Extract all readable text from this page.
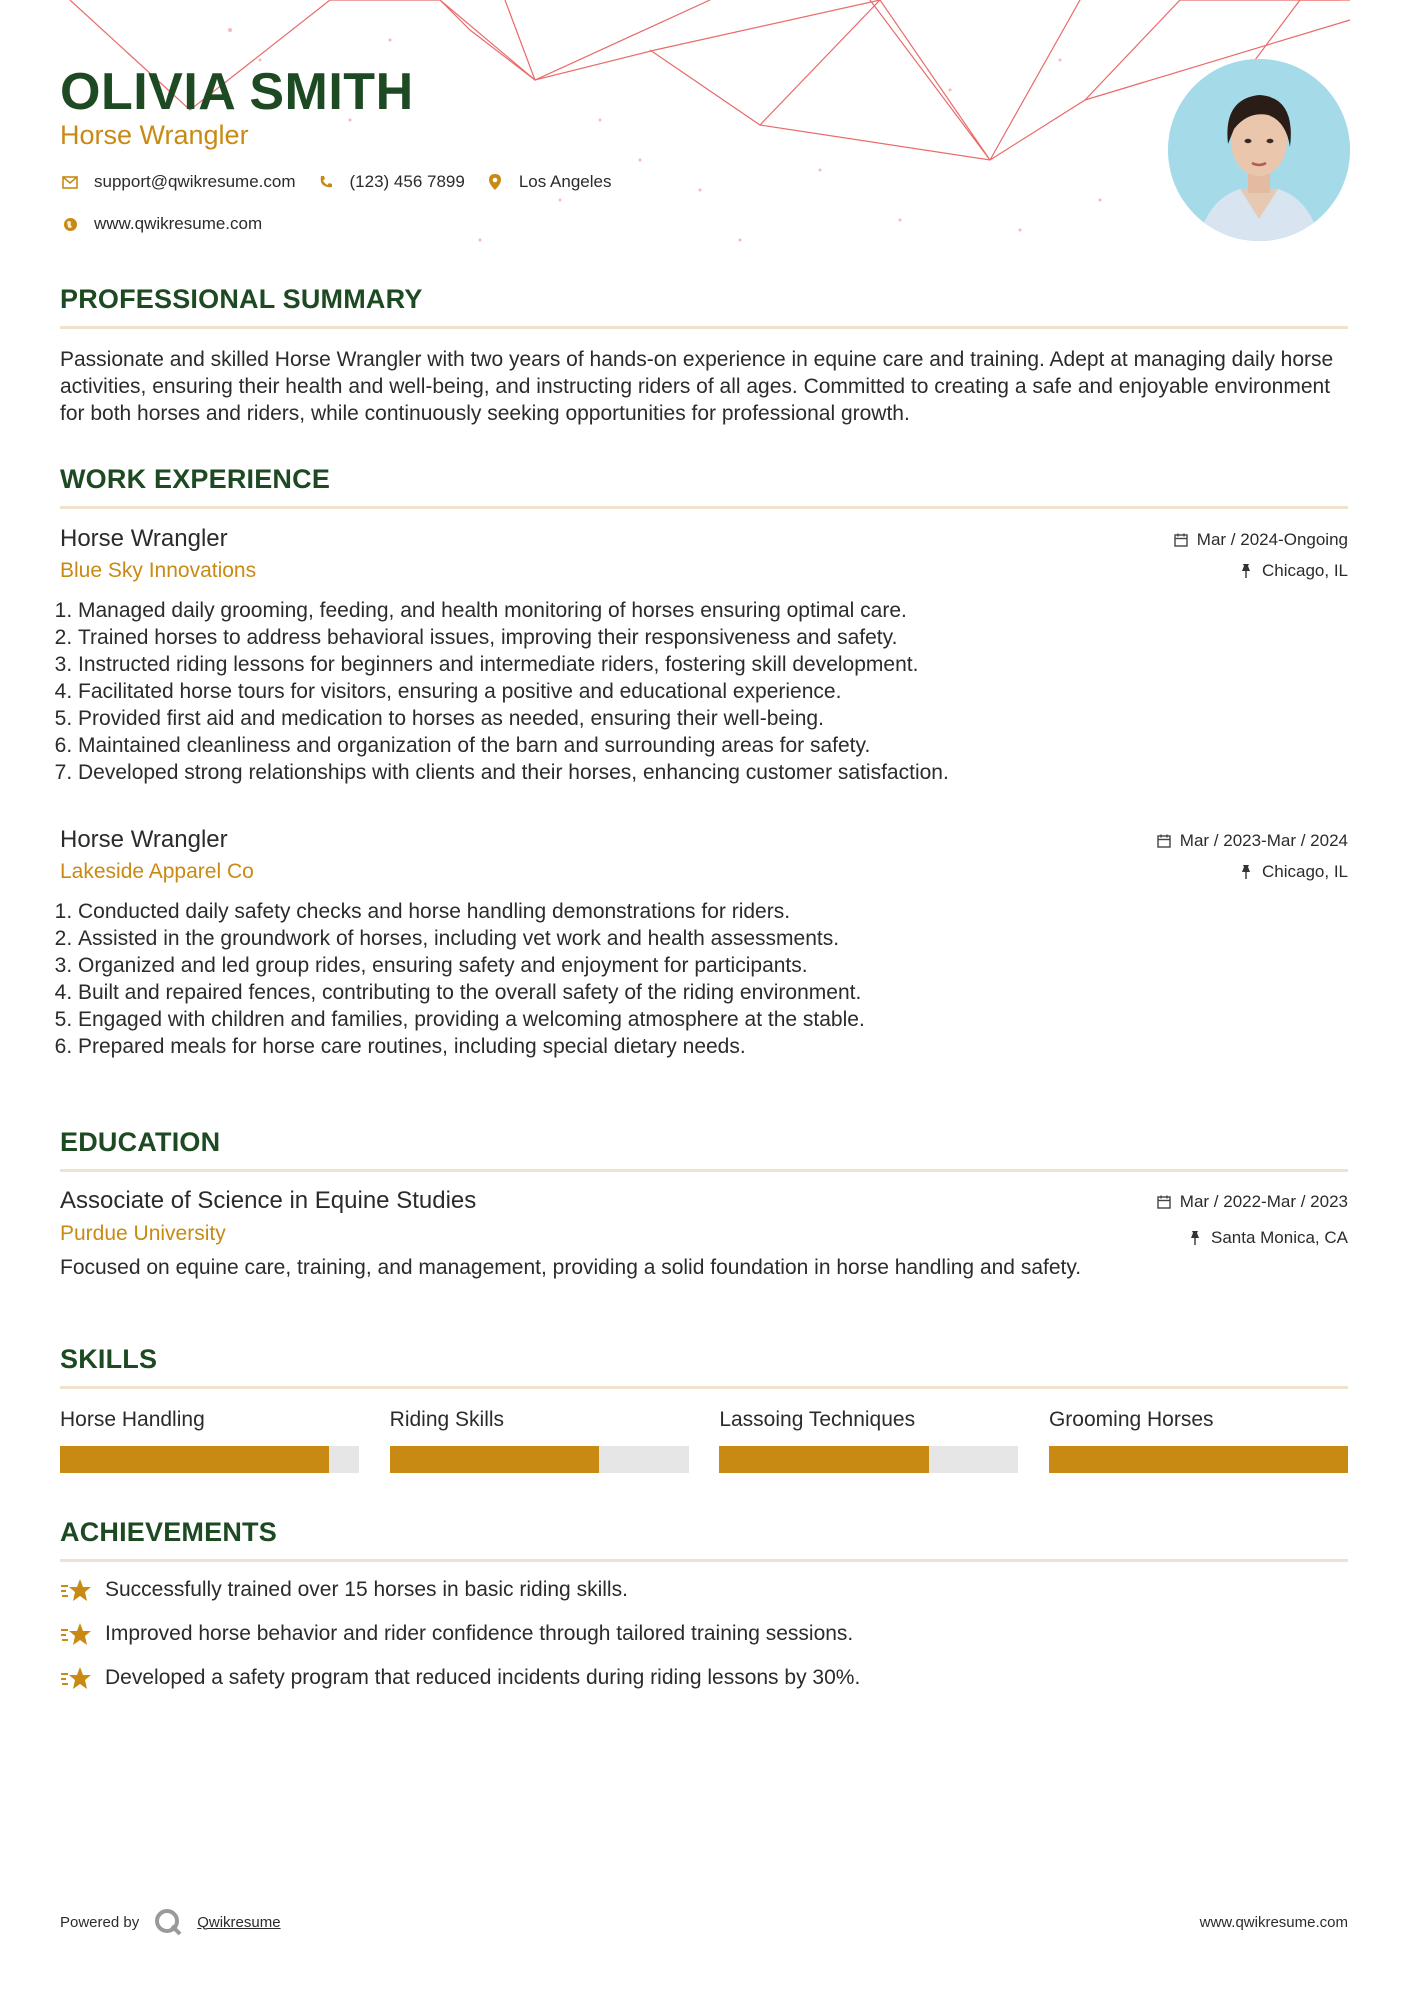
OLIVIA SMITH
Horse Wrangler
support@qwikresume.com	(123) 456 7899	Los Angeles
www.qwikresume.com
PROFESSIONAL SUMMARY
Passionate and skilled Horse Wrangler with two years of hands-on experience in equine care and training. Adept at managing daily horse activities, ensuring their health and well-being, and instructing riders of all ages. Committed to creating a safe and enjoyable environment for both horses and riders, while continuously seeking opportunities for professional growth.
WORK EXPERIENCE
Mar / 2024-Ongoing
Chicago, IL
Horse Wrangler
Blue Sky Innovations
1. Managed daily grooming, feeding, and health monitoring of horses ensuring optimal care.
2. Trained horses to address behavioral issues, improving their responsiveness and safety.
3. Instructed riding lessons for beginners and intermediate riders, fostering skill development.
4. Facilitated horse tours for visitors, ensuring a positive and educational experience.
5. Provided first aid and medication to horses as needed, ensuring their well-being.
6. Maintained cleanliness and organization of the barn and surrounding areas for safety.
7. Developed strong relationships with clients and their horses, enhancing customer satisfaction.
Mar / 2023-Mar / 2024
Chicago, IL
Horse Wrangler
Lakeside Apparel Co
1. Conducted daily safety checks and horse handling demonstrations for riders.
2. Assisted in the groundwork of horses, including vet work and health assessments.
3. Organized and led group rides, ensuring safety and enjoyment for participants.
4. Built and repaired fences, contributing to the overall safety of the riding environment.
5. Engaged with children and families, providing a welcoming atmosphere at the stable.
6. Prepared meals for horse care routines, including special dietary needs.
EDUCATION
Mar / 2022-Mar / 2023
Santa Monica, CA
Associate of Science in Equine Studies
Purdue University
Focused on equine care, training, and management, providing a solid foundation in horse handling and safety.
SKILLS
Horse Handling	Riding Skills	Lassoing Techniques	Grooming Horses
ACHIEVEMENTS
Successfully trained over 15 horses in basic riding skills.
Improved horse behavior and rider confidence through tailored training sessions.
Developed a safety program that reduced incidents during riding lessons by 30%.
Powered by	Qwikresume	www.qwikresume.com
